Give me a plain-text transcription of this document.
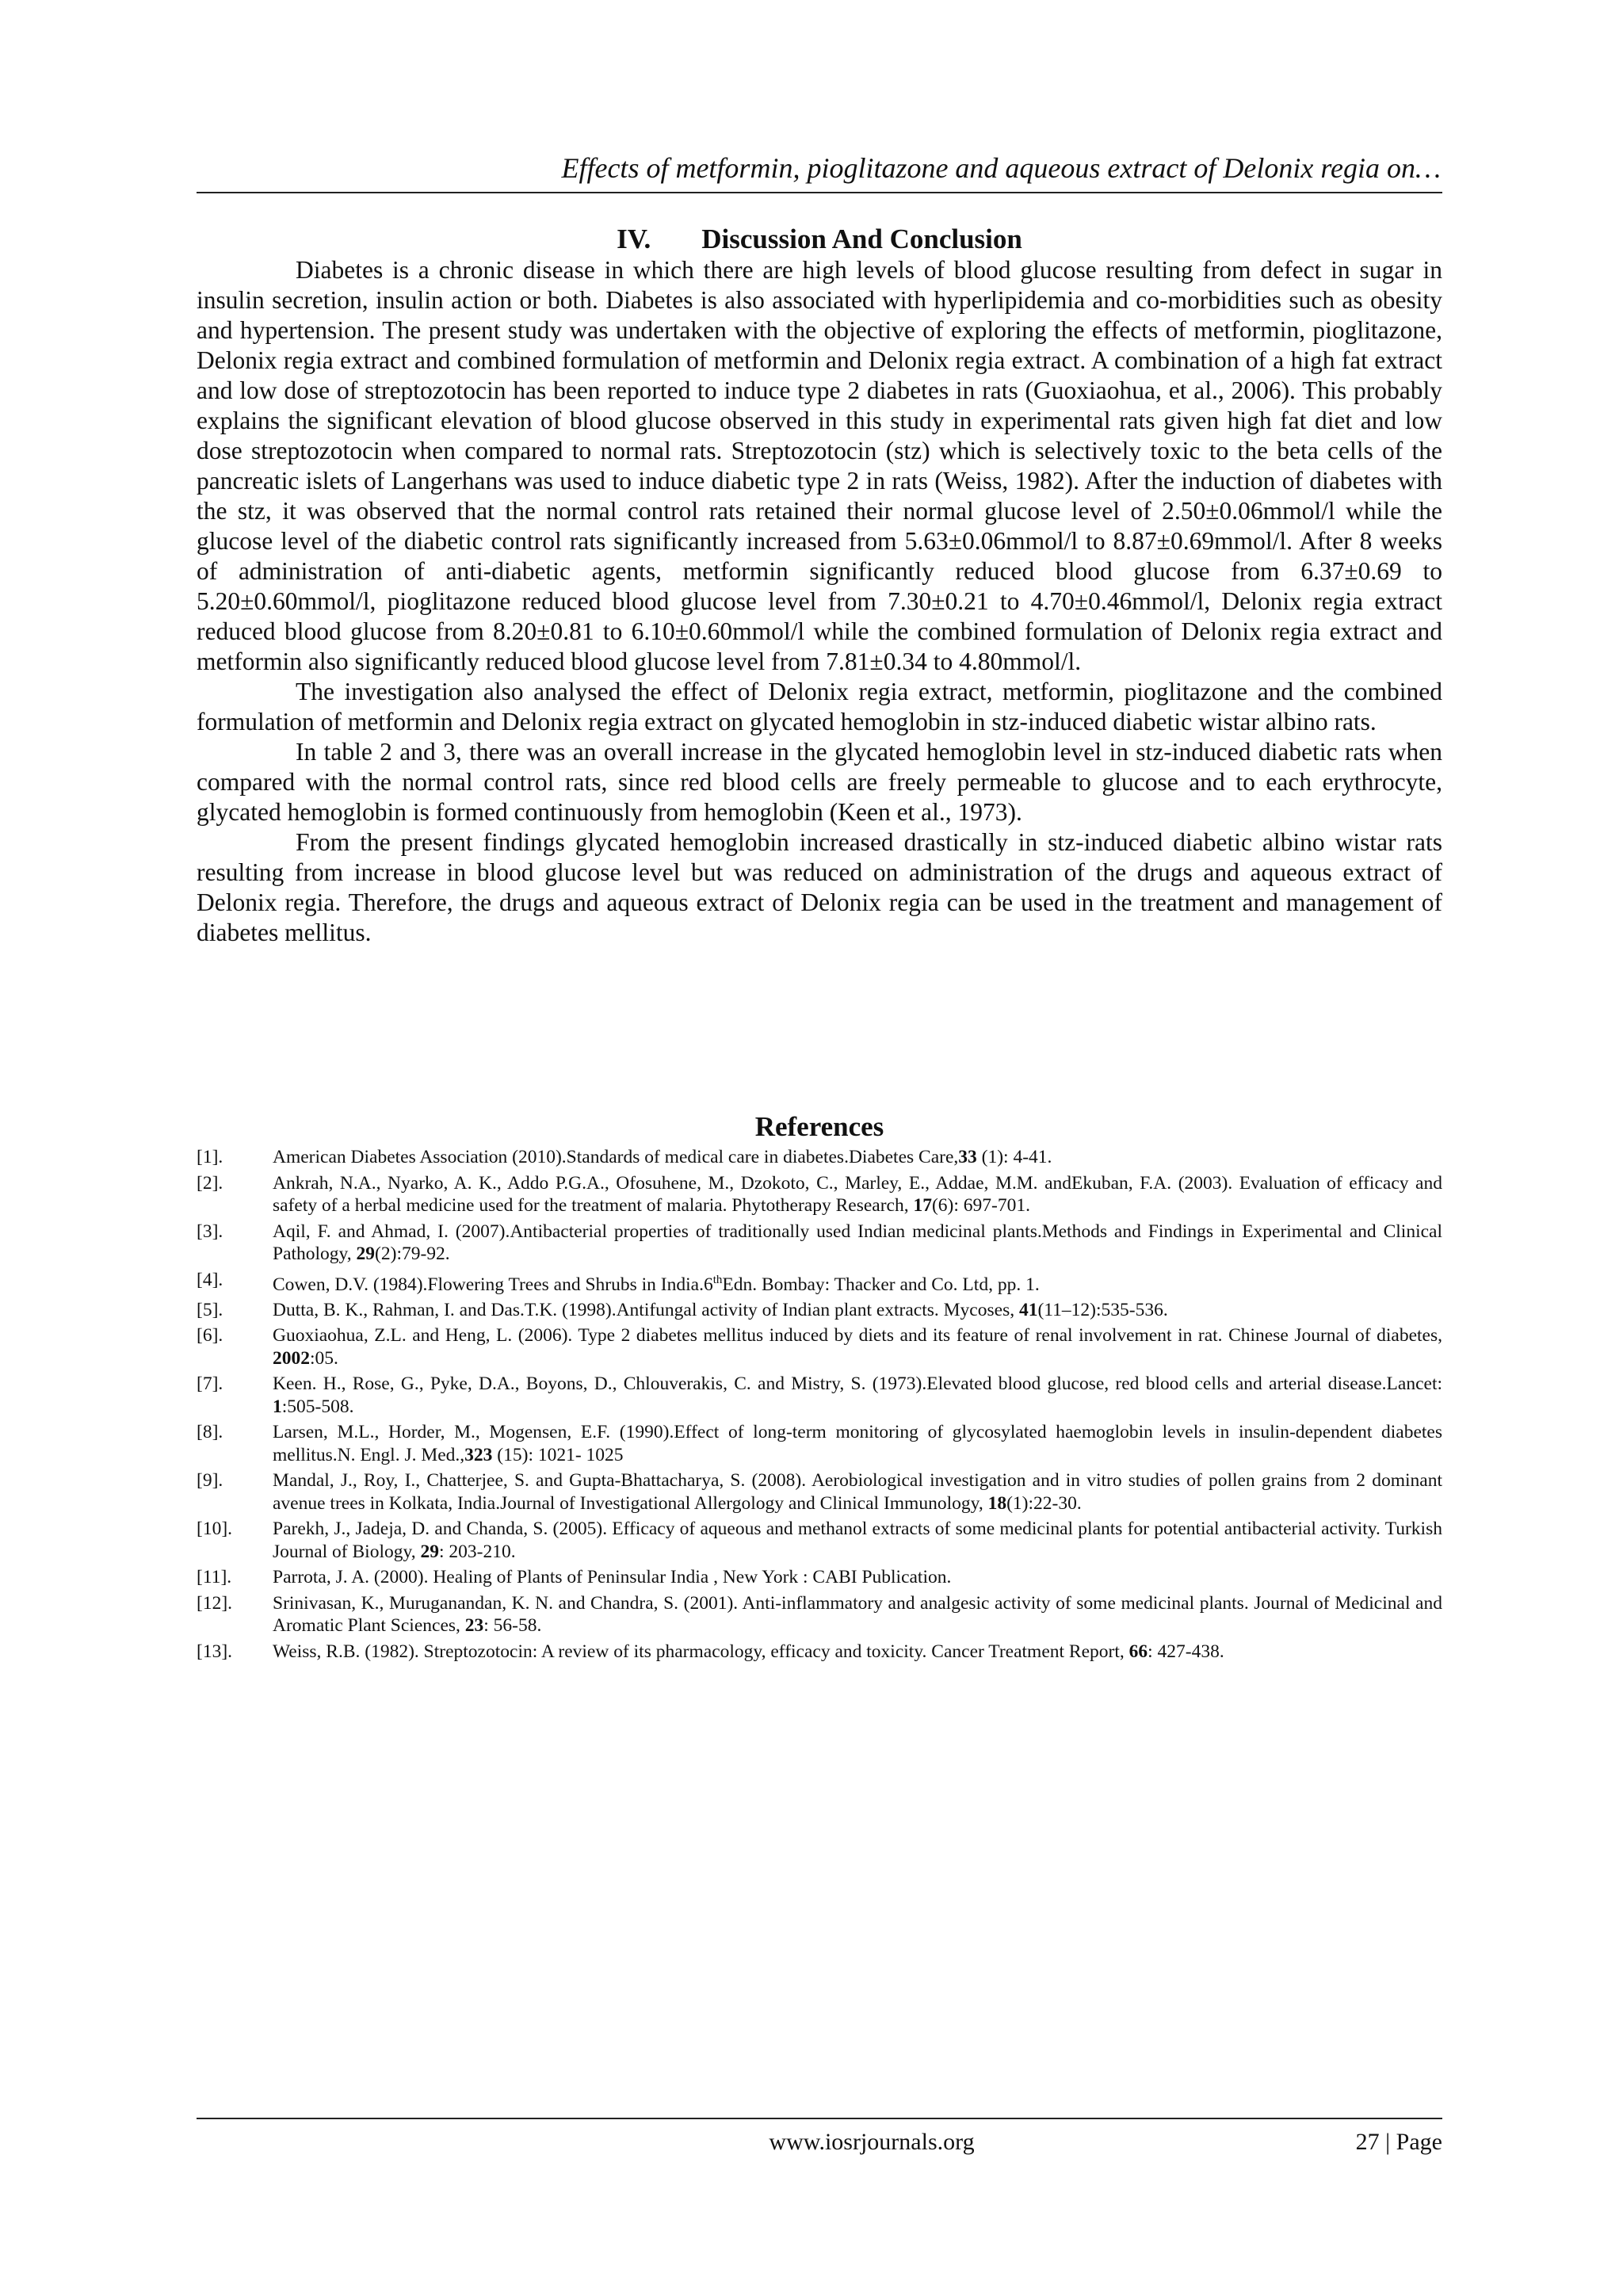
Effects of metformin, pioglitazone and aqueous extract of Delonix regia on…
IV. Discussion And Conclusion

Diabetes is a chronic disease in which there are high levels of blood glucose resulting from defect in sugar in insulin secretion, insulin action or both. Diabetes is also associated with hyperlipidemia and co-morbidities such as obesity and hypertension. The present study was undertaken with the objective of exploring the effects of metformin, pioglitazone, Delonix regia extract and combined formulation of metformin and Delonix regia extract. A combination of a high fat extract and low dose of streptozotocin has been reported to induce type 2 diabetes in rats (Guoxiaohua, et al., 2006). This probably explains the significant elevation of blood glucose observed in this study in experimental rats given high fat diet and low dose streptozotocin when compared to normal rats. Streptozotocin (stz) which is selectively toxic to the beta cells of the pancreatic islets of Langerhans was used to induce diabetic type 2 in rats (Weiss, 1982). After the induction of diabetes with the stz, it was observed that the normal control rats retained their normal glucose level of 2.50±0.06mmol/l while the glucose level of the diabetic control rats significantly increased from 5.63±0.06mmol/l to 8.87±0.69mmol/l. After 8 weeks of administration of anti-diabetic agents, metformin significantly reduced blood glucose from 6.37±0.69 to 5.20±0.60mmol/l, pioglitazone reduced blood glucose level from 7.30±0.21 to 4.70±0.46mmol/l, Delonix regia extract reduced blood glucose from 8.20±0.81 to 6.10±0.60mmol/l while the combined formulation of Delonix regia extract and metformin also significantly reduced blood glucose level from 7.81±0.34 to 4.80mmol/l.

The investigation also analysed the effect of Delonix regia extract, metformin, pioglitazone and the combined formulation of metformin and Delonix regia extract on glycated hemoglobin in stz-induced diabetic wistar albino rats.

In table 2 and 3, there was an overall increase in the glycated hemoglobin level in stz-induced diabetic rats when compared with the normal control rats, since red blood cells are freely permeable to glucose and to each erythrocyte, glycated hemoglobin is formed continuously from hemoglobin (Keen et al., 1973).

From the present findings glycated hemoglobin increased drastically in stz-induced diabetic albino wistar rats resulting from increase in blood glucose level but was reduced on administration of the drugs and aqueous extract of Delonix regia. Therefore, the drugs and aqueous extract of Delonix regia can be used in the treatment and management of diabetes mellitus.

References
[1].	American Diabetes Association (2010).Standards of medical care in diabetes.Diabetes Care,33 (1): 4-41.
[2].	Ankrah, N.A., Nyarko, A. K., Addo P.G.A., Ofosuhene, M., Dzokoto, C., Marley, E., Addae, M.M. andEkuban, F.A. (2003). Evaluation of efficacy and safety of a herbal medicine used for the treatment of malaria. Phytotherapy Research, 17(6): 697-701.
[3].	Aqil, F. and Ahmad, I. (2007).Antibacterial properties of traditionally used Indian medicinal plants.Methods and Findings in Experimental and Clinical Pathology, 29(2):79-92.
[4].	Cowen, D.V. (1984).Flowering Trees and Shrubs in India.6thEdn. Bombay: Thacker and Co. Ltd, pp. 1.
[5].	Dutta, B. K., Rahman, I. and Das.T.K. (1998).Antifungal activity of Indian plant extracts. Mycoses, 41(11–12):535-536.
[6].	Guoxiaohua, Z.L. and Heng, L. (2006). Type 2 diabetes mellitus induced by diets and its feature of renal involvement in rat. Chinese Journal of diabetes, 2002:05.
[7].	Keen. H., Rose, G., Pyke, D.A., Boyons, D., Chlouverakis, C. and Mistry, S. (1973).Elevated blood glucose, red blood cells and arterial disease.Lancet: 1:505-508.
[8].	Larsen, M.L., Horder, M., Mogensen, E.F. (1990).Effect of long-term monitoring of glycosylated haemoglobin levels in insulin-dependent diabetes mellitus.N. Engl. J. Med.,323 (15): 1021- 1025
[9].	Mandal, J., Roy, I., Chatterjee, S. and Gupta-Bhattacharya, S. (2008). Aerobiological investigation and in vitro studies of pollen grains from 2 dominant avenue trees in Kolkata, India.Journal of Investigational Allergology and Clinical Immunology, 18(1):22-30.
[10].	Parekh, J., Jadeja, D. and Chanda, S. (2005). Efficacy of aqueous and methanol extracts of some medicinal plants for potential antibacterial activity. Turkish Journal of Biology, 29: 203-210.
[11].	Parrota, J. A. (2000). Healing of Plants of Peninsular India , New York : CABI Publication.
[12].	Srinivasan, K., Muruganandan, K. N. and Chandra, S. (2001). Anti-inflammatory and analgesic activity of some medicinal plants. Journal of Medicinal and Aromatic Plant Sciences, 23: 56-58.
[13].	Weiss, R.B. (1982). Streptozotocin: A review of its pharmacology, efficacy and toxicity. Cancer Treatment Report, 66: 427-438.
www.iosrjournals.org	27 | Page
